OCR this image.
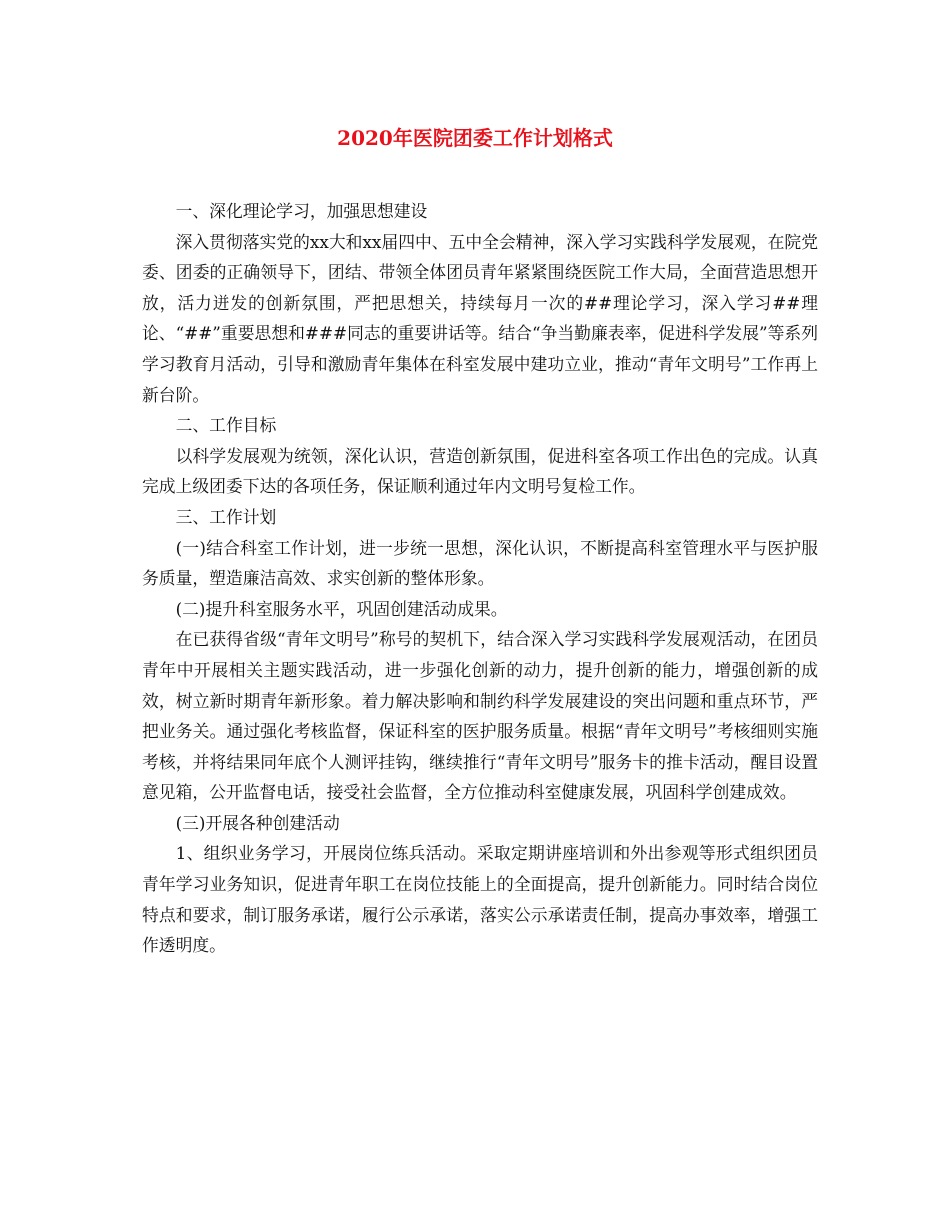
2020年医院团委工作计划格式

一、深化理论学习，加强思想建设

深入贯彻落实党的xx大和xx届四中、五中全会精神，深入学习实践科学发展观，在院党委、团委的正确领导下，团结、带领全体团员青年紧紧围绕医院工作大局，全面营造思想开放，活力迸发的创新氛围，严把思想关，持续每月一次的##理论学习，深入学习##理论、“##”重要思想和###同志的重要讲话等。结合“争当勤廉表率，促进科学发展”等系列学习教育月活动，引导和激励青年集体在科室发展中建功立业，推动“青年文明号”工作再上新台阶。

二、工作目标

以科学发展观为统领，深化认识，营造创新氛围，促进科室各项工作出色的完成。认真完成上级团委下达的各项任务，保证顺利通过年内文明号复检工作。

三、工作计划

(一)结合科室工作计划，进一步统一思想，深化认识，不断提高科室管理水平与医护服务质量，塑造廉洁高效、求实创新的整体形象。

(二)提升科室服务水平，巩固创建活动成果。

在已获得省级“青年文明号”称号的契机下，结合深入学习实践科学发展观活动，在团员青年中开展相关主题实践活动，进一步强化创新的动力，提升创新的能力，增强创新的成效，树立新时期青年新形象。着力解决影响和制约科学发展建设的突出问题和重点环节，严把业务关。通过强化考核监督，保证科室的医护服务质量。根据“青年文明号”考核细则实施考核，并将结果同年底个人测评挂钩，继续推行“青年文明号”服务卡的推卡活动，醒目设置意见箱，公开监督电话，接受社会监督，全方位推动科室健康发展，巩固科学创建成效。

(三)开展各种创建活动

1、组织业务学习，开展岗位练兵活动。采取定期讲座培训和外出参观等形式组织团员青年学习业务知识，促进青年职工在岗位技能上的全面提高，提升创新能力。同时结合岗位特点和要求，制订服务承诺，履行公示承诺，落实公示承诺责任制，提高办事效率，增强工作透明度。
